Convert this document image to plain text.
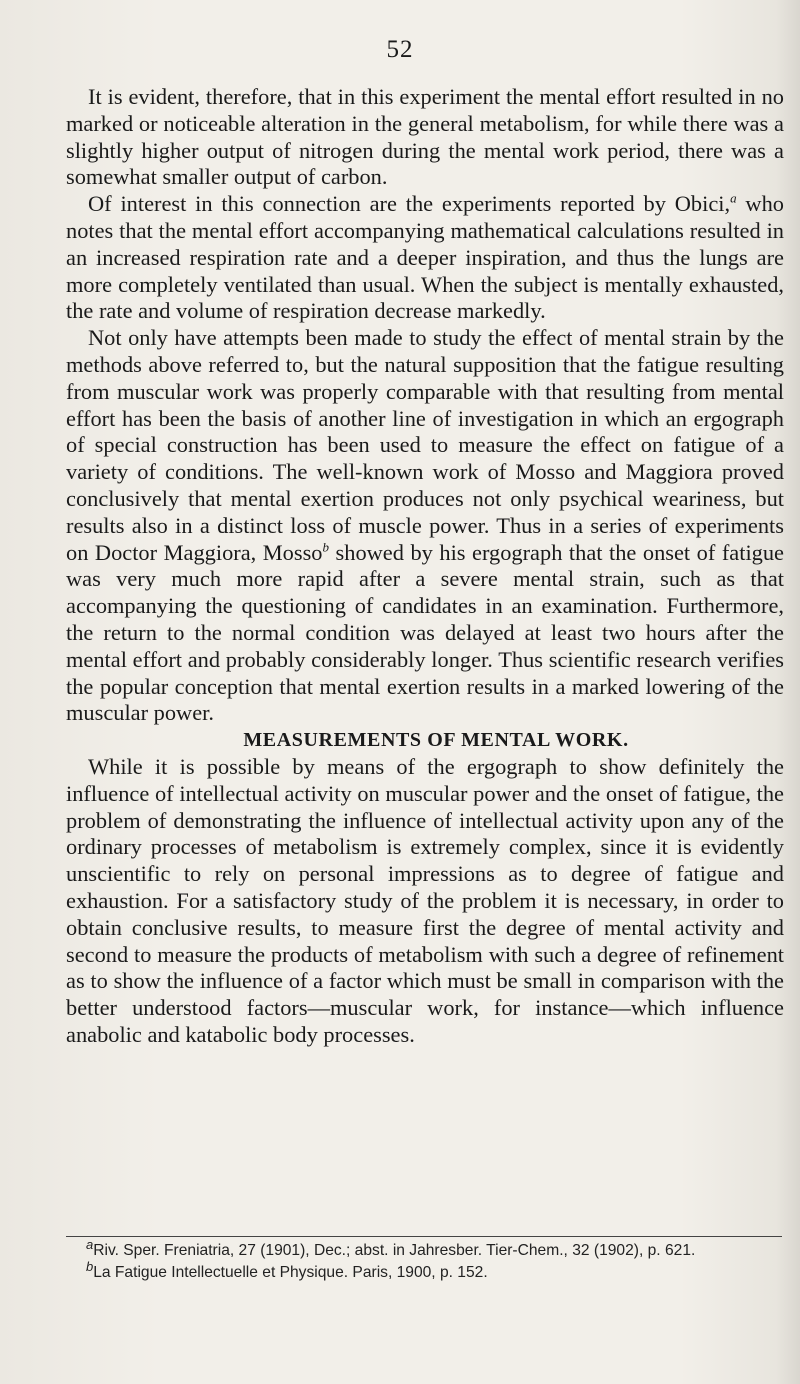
52

It is evident, therefore, that in this experiment the mental effort resulted in no marked or noticeable alteration in the general metabolism, for while there was a slightly higher output of nitrogen during the mental work period, there was a somewhat smaller output of carbon.

Of interest in this connection are the experiments reported by Obici,$^a$ who notes that the mental effort accompanying mathematical calculations resulted in an increased respiration rate and a deeper inspiration, and thus the lungs are more completely ventilated than usual. When the subject is mentally exhausted, the rate and volume of respiration decrease markedly.

Not only have attempts been made to study the effect of mental strain by the methods above referred to, but the natural supposition that the fatigue resulting from muscular work was properly comparable with that resulting from mental effort has been the basis of another line of investigation in which an ergograph of special construction has been used to measure the effect on fatigue of a variety of conditions. The well-known work of Mosso and Maggiora proved conclusively that mental exertion produces not only psychical weariness, but results also in a distinct loss of muscle power. Thus in a series of experiments on Doctor Maggiora, Mosso$^b$ showed by his ergograph that the onset of fatigue was very much more rapid after a severe mental strain, such as that accompanying the questioning of candidates in an examination. Furthermore, the return to the normal condition was delayed at least two hours after the mental effort and probably considerably longer. Thus scientific research verifies the popular conception that mental exertion results in a marked lowering of the muscular power.

MEASUREMENTS OF MENTAL WORK.

While it is possible by means of the ergograph to show definitely the influence of intellectual activity on muscular power and the onset of fatigue, the problem of demonstrating the influence of intellectual activity upon any of the ordinary processes of metabolism is extremely complex, since it is evidently unscientific to rely on personal impressions as to degree of fatigue and exhaustion. For a satisfactory study of the problem it is necessary, in order to obtain conclusive results, to measure first the degree of mental activity and second to measure the products of metabolism with such a degree of refinement as to show the influence of a factor which must be small in comparison with the better understood factors—muscular work, for instance—which influence anabolic and katabolic body processes.

$^a$Riv. Sper. Freniatria, 27 (1901), Dec.; abst. in Jahresber. Tier-Chem., 32 (1902), p. 621.

$^b$La Fatigue Intellectuelle et Physique. Paris, 1900, p. 152.
